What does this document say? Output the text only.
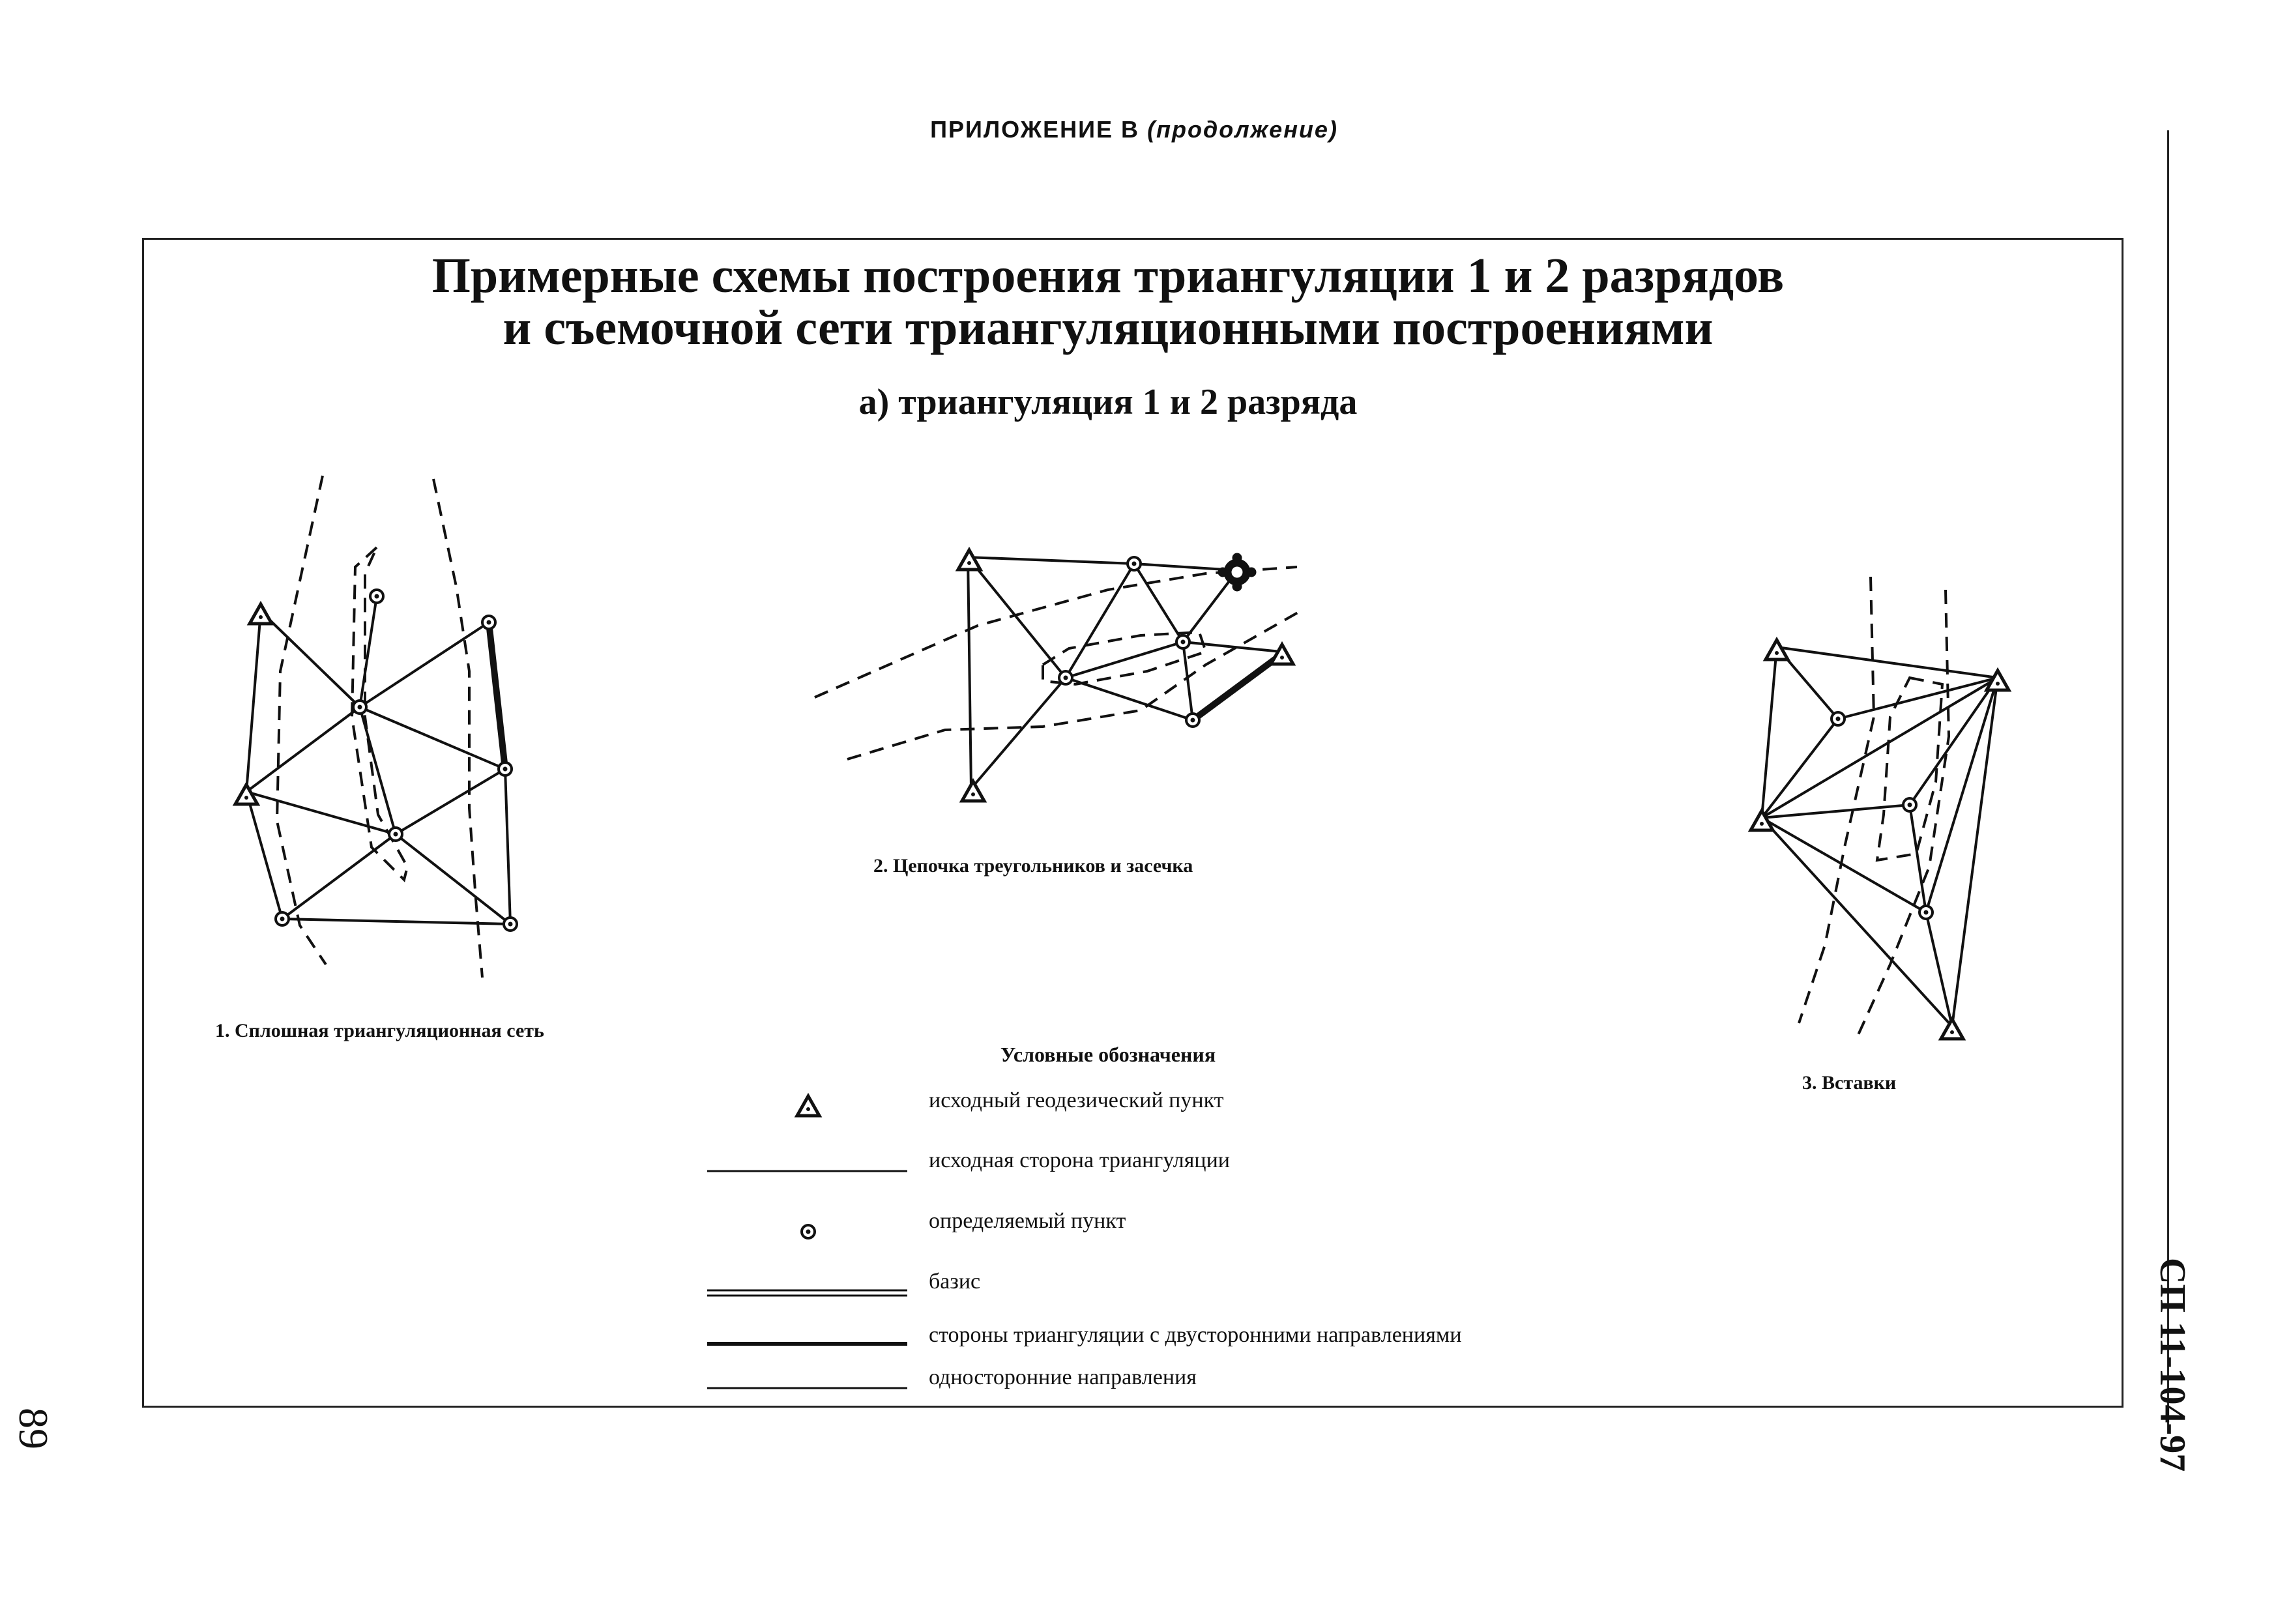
ПРИЛОЖЕНИЕ В (продолжение)
Примерные схемы построения триангуляции 1 и 2 разрядов
и съемочной сети триангуляционными построениями
а) триангуляция 1 и 2 разряда
1. Сплошная триангуляционная сеть
2. Цепочка треугольников и засечка
3. Вставки
Условные обозначения
исходный геодезический пункт
исходная сторона триангуляции
определяемый пункт
базис
стороны триангуляции с двусторонними направлениями
односторонние направления
89	СП 11-104-97
